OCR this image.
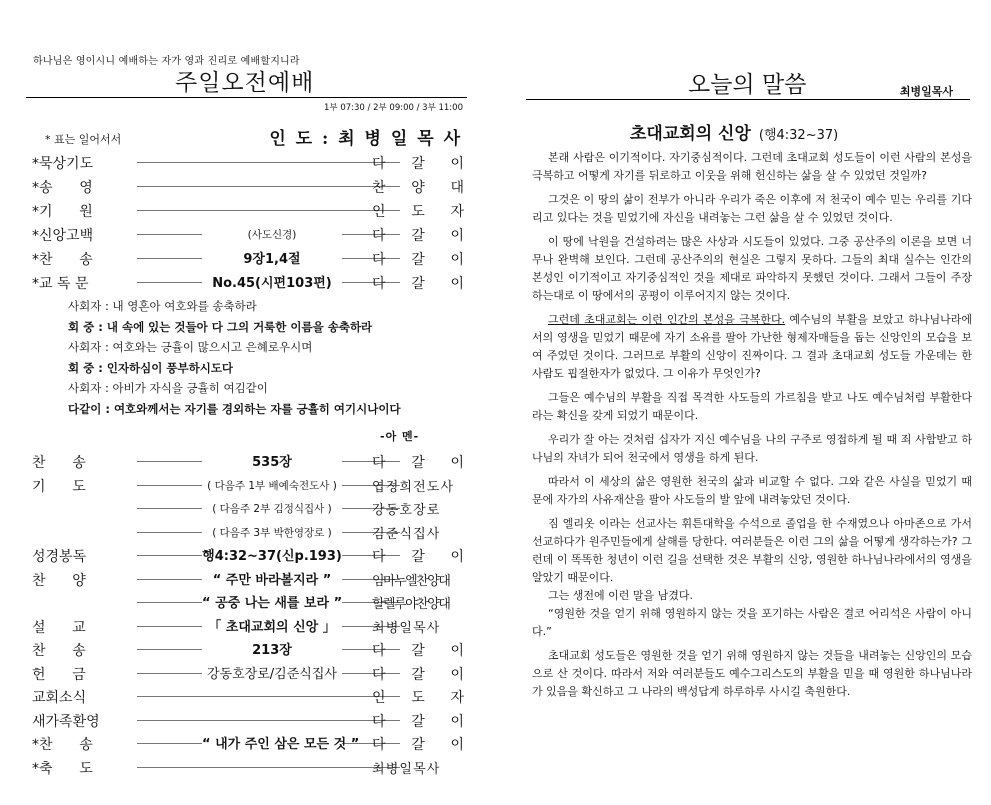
하나님은 영이시니 예배하는 자가 영과 진리로 예배할지니라
주일오전예배
1부 07:30 / 2부 09:00 / 3부 11:00
* 표는 일어서서	인 도 : 최 병 일 목 사
*묵상기도	다 갈 이
*송      영	찬 양 대
*기      원	인 도 자
*신앙고백	(사도신경)	다 갈 이
*찬      송	9장1,4절	다 갈 이
*교 독 문	No.45(시편103편)	다 갈 이
사회자 : 내 영혼아 여호와를 송축하라
회 중 : 내 속에 있는 것들아 다 그의 거룩한 이름을 송축하라
사회자 : 여호와는 긍휼이 많으시고 은혜로우시며
회 중 : 인자하심이 풍부하시도다
사회자 : 아비가 자식을 긍휼히 여김같이
다같이 : 여호와께서는 자기를 경외하는 자를 긍휼히 여기시나이다
-아 멘-
찬      송	535장	다 갈 이
기      도	( 다음주 1부 배예숙전도사 )	엽 정 희 전 도 사
( 다음주 2부 김정식집사 )	강 동 호 장 로
( 다음주 3부 박한영장로 )	김 준 식 집 사
성경봉독	행4:32~37(신p.193) 다 갈 이
찬      양	“ 주만 바라볼지라 ”	임마누엘찬양대
“ 공중 나는 새를 보라 ” 할렐루야찬양대
설      교	「 초대교회의 신앙 」	최 병 일 목 사
찬      송	213장	다 갈 이
헌      금	강동호장로/김준식집사	다 갈 이
교회소식	인 도 자
새가족환영	다 갈 이
*찬      송	“ 내가 주인 삼은 모든 것 ” 다 갈 이
*축      도	최 병 일 목 사
오늘의 말씀	최병일목사
초대교회의 신앙 (행4:32~37)

본래 사람은 이기적이다. 자기중심적이다. 그런데 초대교회 성도들이 이런 사람의 본성을 극복하고 어떻게 자기를 뒤로하고 이웃을 위해 헌신하는 삶을 살 수 있었던 것일까?

그것은 이 땅의 삶이 전부가 아니라 우리가 죽은 이후에 저 천국이 예수 믿는 우리를 기다리고 있다는 것을 믿었기에 자신을 내려놓는 그런 삶을 살 수 있었던 것이다.

이 땅에 낙원을 건설하려는 많은 사상과 시도들이 있었다. 그중 공산주의 이론을 보면 너무나 완벽해 보인다. 그런데 공산주의의 현실은 그렇지 못하다. 그들의 최대 실수는 인간의 본성인 이기적이고 자기중심적인 것을 제대로 파악하지 못했던 것이다. 그래서 그들이 주장하는대로 이 땅에서의 공평이 이루어지지 않는 것이다.

그런데 초대교회는 이런 인간의 본성을 극복한다. 예수님의 부활을 보았고 하나님나라에서의 영생을 믿었기 때문에 자기 소유를 팔아 가난한 형제자매들을 돕는 신앙인의 모습을 보여 주었던 것이다. 그러므로 부활의 신앙이 진짜이다. 그 결과 초대교회 성도들 가운데는 한 사람도 핍절한자가 없었다. 그 이유가 무엇인가?

그들은 예수님의 부활을 직접 목격한 사도들의 가르침을 받고 나도 예수님처럼 부활한다 라는 확신을 갖게 되었기 때문이다.

우리가 잘 아는 것처럼 십자가 지신 예수님을 나의 구주로 영접하게 될 때 죄 사함받고 하나님의 자녀가 되어 천국에서 영생을 하게 된다.

따라서 이 세상의 삶은 영원한 천국의 삶과 비교할 수 없다. 그와 같은 사실을 믿었기 때문에 자가의 사유재산을 팔아 사도들의 발 앞에 내려놓았던 것이다.

짐 엘리옷 이라는 선교사는 휘튼대학을 수석으로 졸업을 한 수재였으나 아마존으로 가서 선교하다가 원주민들에게 살해를 당한다. 여러분들은 이런 그의 삶을 어떻게 생각하는가? 그런데 이 똑똑한 청년이 이런 길을 선택한 것은 부활의 신앙, 영원한 하나님나라에서의 영생을 알았기 때문이다.

그는 생전에 이런 말을 남겼다.

“영원한 것을 얻기 위해 영원하지 않는 것을 포기하는 사람은 결코 어리석은 사람이 아니다.”

초대교회 성도들은 영원한 것을 얻기 위해 영원하지 않는 것들을 내려놓는 신앙인의 모습으로 산 것이다. 따라서 저와 여러분들도 예수그리스도의 부활을 믿을 때 영원한 하나님나라가 있음을 확신하고 그 나라의 백성답게 하루하루 사시길 축원한다.
